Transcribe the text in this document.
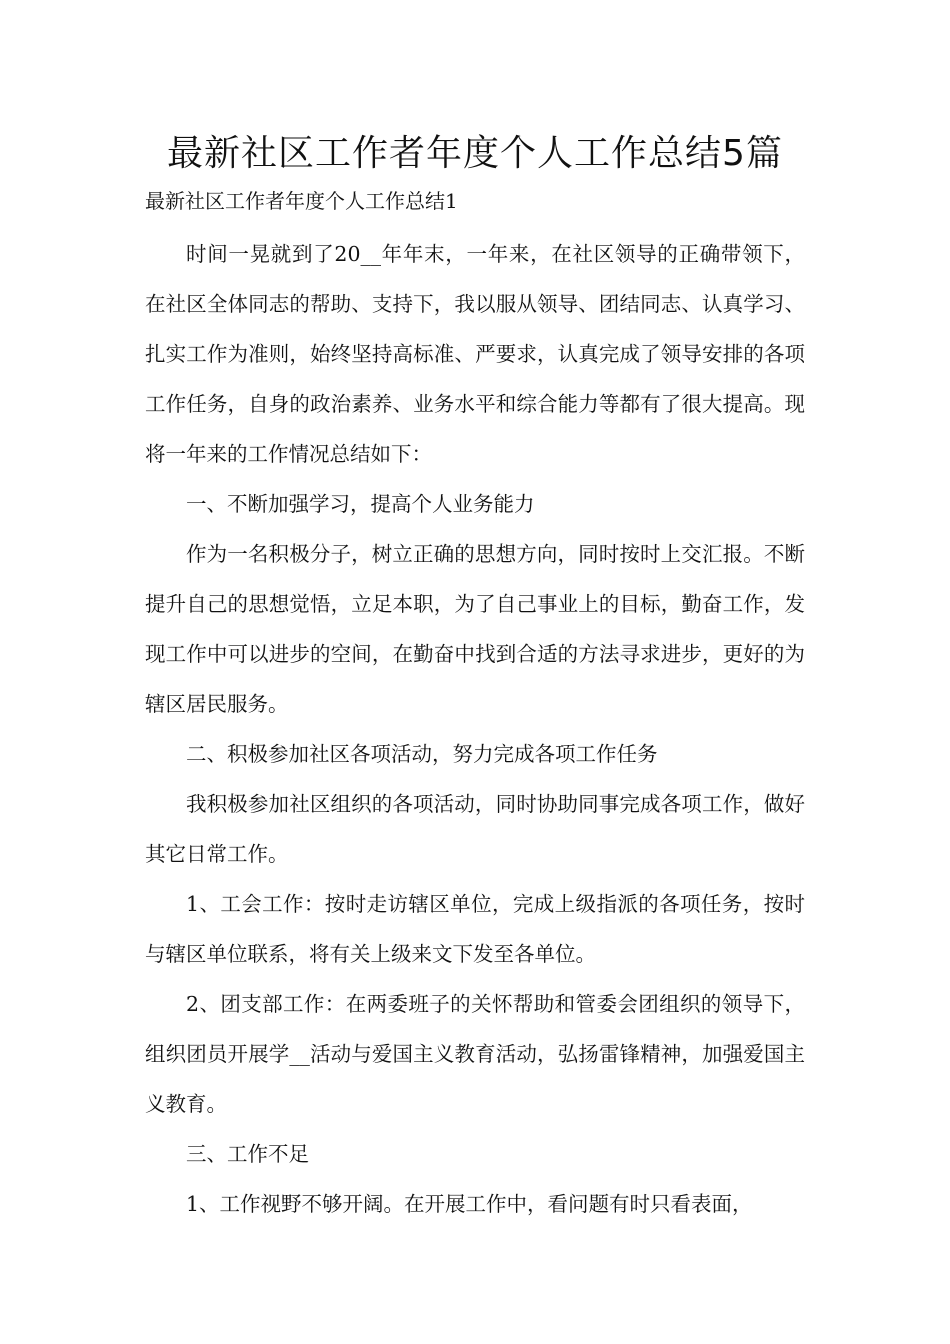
最新社区工作者年度个人工作总结5篇

最新社区工作者年度个人工作总结1

时间一晃就到了20__年年末，一年来，在社区领导的正确带领下，在社区全体同志的帮助、支持下，我以服从领导、团结同志、认真学习、扎实工作为准则，始终坚持高标准、严要求，认真完成了领导安排的各项工作任务，自身的政治素养、业务水平和综合能力等都有了很大提高。现将一年来的工作情况总结如下：

一、不断加强学习，提高个人业务能力

作为一名积极分子，树立正确的思想方向，同时按时上交汇报。不断提升自己的思想觉悟，立足本职，为了自己事业上的目标，勤奋工作，发现工作中可以进步的空间，在勤奋中找到合适的方法寻求进步，更好的为辖区居民服务。

二、积极参加社区各项活动，努力完成各项工作任务

我积极参加社区组织的各项活动，同时协助同事完成各项工作，做好其它日常工作。

1、工会工作：按时走访辖区单位，完成上级指派的各项任务，按时与辖区单位联系，将有关上级来文下发至各单位。

2、团支部工作：在两委班子的关怀帮助和管委会团组织的领导下，组织团员开展学__活动与爱国主义教育活动，弘扬雷锋精神，加强爱国主义教育。

三、工作不足

1、工作视野不够开阔。在开展工作中，看问题有时只看表面，
